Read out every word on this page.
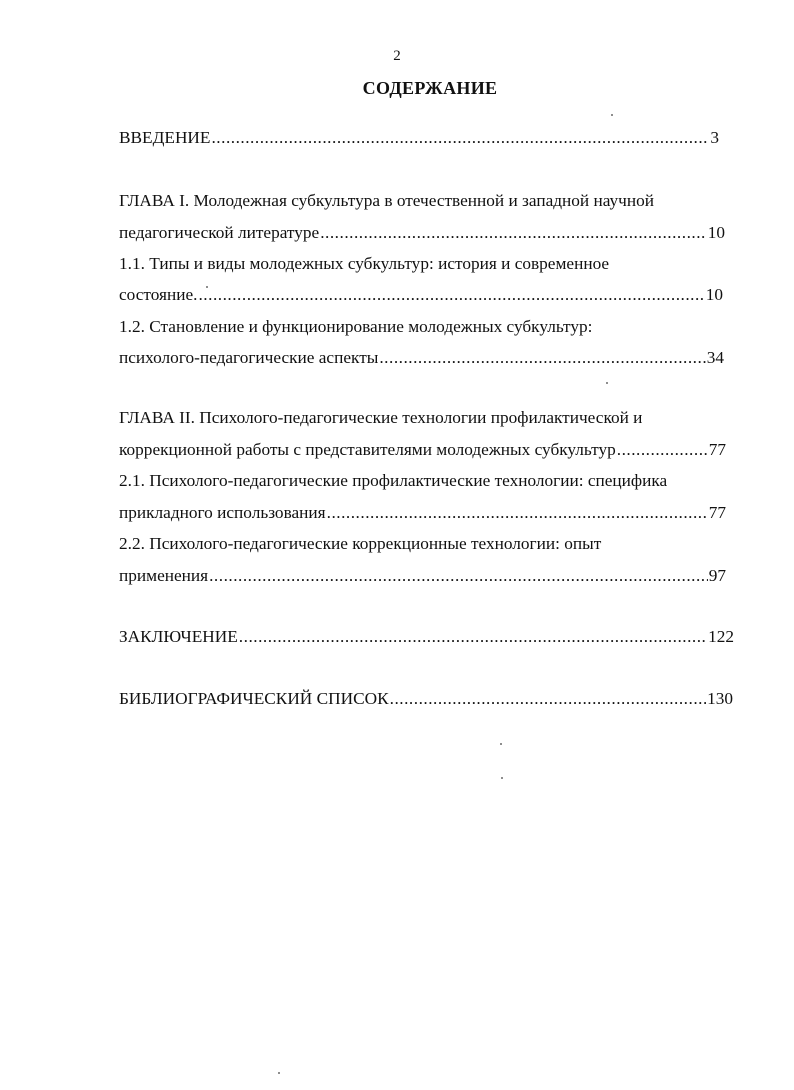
2
СОДЕРЖАНИЕ
ВВЕДЕНИЕ .....	3
ГЛАВА I. Молодежная субкультура в отечественной и западной научной
педагогической литературе .....	10
1.1. Типы и виды молодежных субкультур: история и современное
состояние. .....	10
1.2. Становление и функционирование молодежных субкультур:
психолого-педагогические аспекты .....	34
ГЛАВА II. Психолого-педагогические технологии профилактической и
коррекционной работы с представителями молодежных субкультур .....	77
2.1. Психолого-педагогические профилактические технологии: специфика
прикладного использования .....	77
2.2. Психолого-педагогические коррекционные технологии: опыт
применения .....	97
ЗАКЛЮЧЕНИЕ .....	122
БИБЛИОГРАФИЧЕСКИЙ СПИСОК .....	130
